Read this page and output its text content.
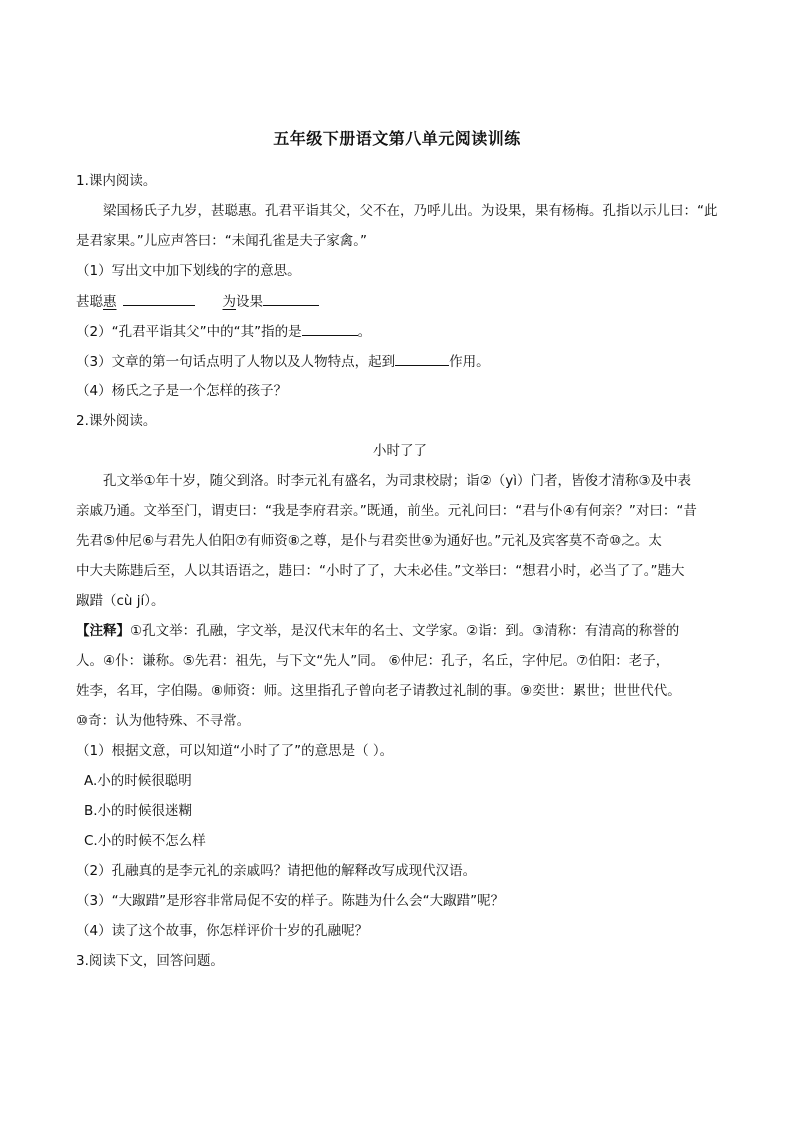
五年级下册语文第八单元阅读训练
1.课内阅读。
梁国杨氏子九岁，甚聪惠。孔君平诣其父，父不在，乃呼儿出。为设果，果有杨梅。孔指以示儿曰：“此
是君家果。”儿应声答曰：“未闻孔雀是夫子家禽。”
（1）写出文中加下划线的字的意思。
甚聪惠	为设果
（2）“孔君平诣其父”中的“其”指的是	。
（3）文章的第一句话点明了人物以及人物特点，起到	作用。
（4）杨氏之子是一个怎样的孩子？
2.课外阅读。
小时了了
孔文举①年十岁，随父到洛。时李元礼有盛名，为司隶校尉；诣②（yì）门者，皆俊才清称③及中表
亲戚乃通。文举至门，谓吏曰：“我是李府君亲。”既通，前坐。元礼问曰：“君与仆④有何亲？”对曰：“昔
先君⑤仲尼⑥与君先人伯阳⑦有师资⑧之尊，是仆与君奕世⑨为通好也。”元礼及宾客莫不奇⑩之。太
中大夫陈韪后至，人以其语语之，韪曰：“小时了了，大未必佳。”文举曰：“想君小时，必当了了。”韪大
踧踖（cù jí）。
【注释】①孔文举：孔融，字文举，是汉代末年的名士、文学家。②诣：到。③清称：有清高的称誉的
人。④仆：谦称。⑤先君：祖先，与下文“先人”同。 ⑥仲尼：孔子，名丘，字仲尼。⑦伯阳：老子，
姓李，名耳，字伯陽。⑧师资：师。这里指孔子曾向老子请教过礼制的事。⑨奕世：累世；世世代代。
⑩奇：认为他特殊、不寻常。
（1）根据文意，可以知道“小时了了”的意思是（ ）。
A.小的时候很聪明
B.小的时候很迷糊
C.小的时候不怎么样
（2）孔融真的是李元礼的亲戚吗？请把他的解释改写成现代汉语。
（3）“大踧踖”是形容非常局促不安的样子。陈韪为什么会“大踧踖”呢？
（4）读了这个故事，你怎样评价十岁的孔融呢？
3.阅读下文，回答问题。
